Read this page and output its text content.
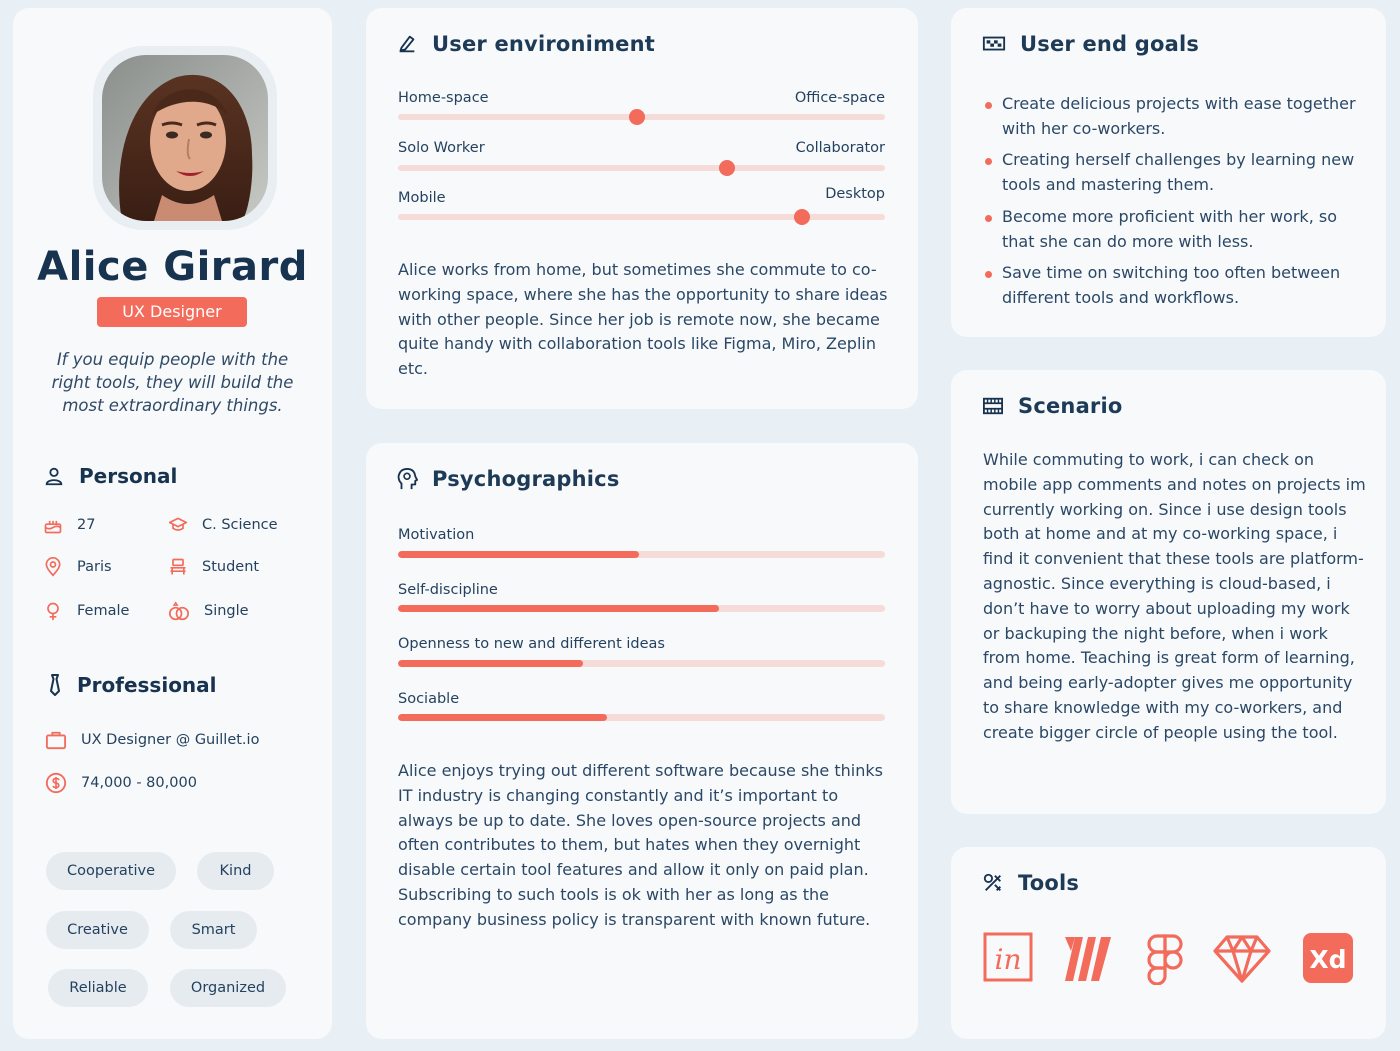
Alice Girard
UX Designer
If you equip people with the right tools, they will build the most extraordinary things.
Personal
27	C. Science
Paris	Student
Female	Single
Professional
UX Designer @ Guillet.io
74,000 - 80,000
Cooperative	Kind
Creative	Smart
Reliable	Organized
User environiment
Home-space	Office-space
Solo Worker	Collaborator
Mobile	Desktop
Alice works from home, but sometimes she commute to co-working space, where she has the opportunity to share ideas with other people. Since her job is remote now, she became quite handy with collaboration tools like Figma, Miro, Zeplin etc.
Psychographics
Motivation
Self-discipline
Openness to new and different ideas
Sociable
Alice enjoys trying out different software because she thinks IT industry is changing constantly and it’s important to always be up to date. She loves open-source projects and often contributes to them, but hates when they overnight disable certain tool features and allow it only on paid plan. Subscribing to such tools is ok with her as long as the company business policy is transparent with known future.
User end goals
Create delicious projects with ease together with her co-workers.
Creating herself challenges by learning new tools and mastering them.
Become more proficient with her work, so that she can do more with less.
Save time on switching too often between different tools and workflows.
Scenario
While commuting to work, i can check on mobile app comments and notes on projects im currently working on. Since i use design tools both at home and at my co-working space, i find it convenient that these tools are platform-agnostic. Since everything is cloud-based, i don’t have to worry about uploading my work or backuping the night before, when i work from home. Teaching is great form of learning, and being early-adopter gives me opportunity to share knowledge with my co-workers, and create bigger circle of people using the tool.
Tools
in	Xd
